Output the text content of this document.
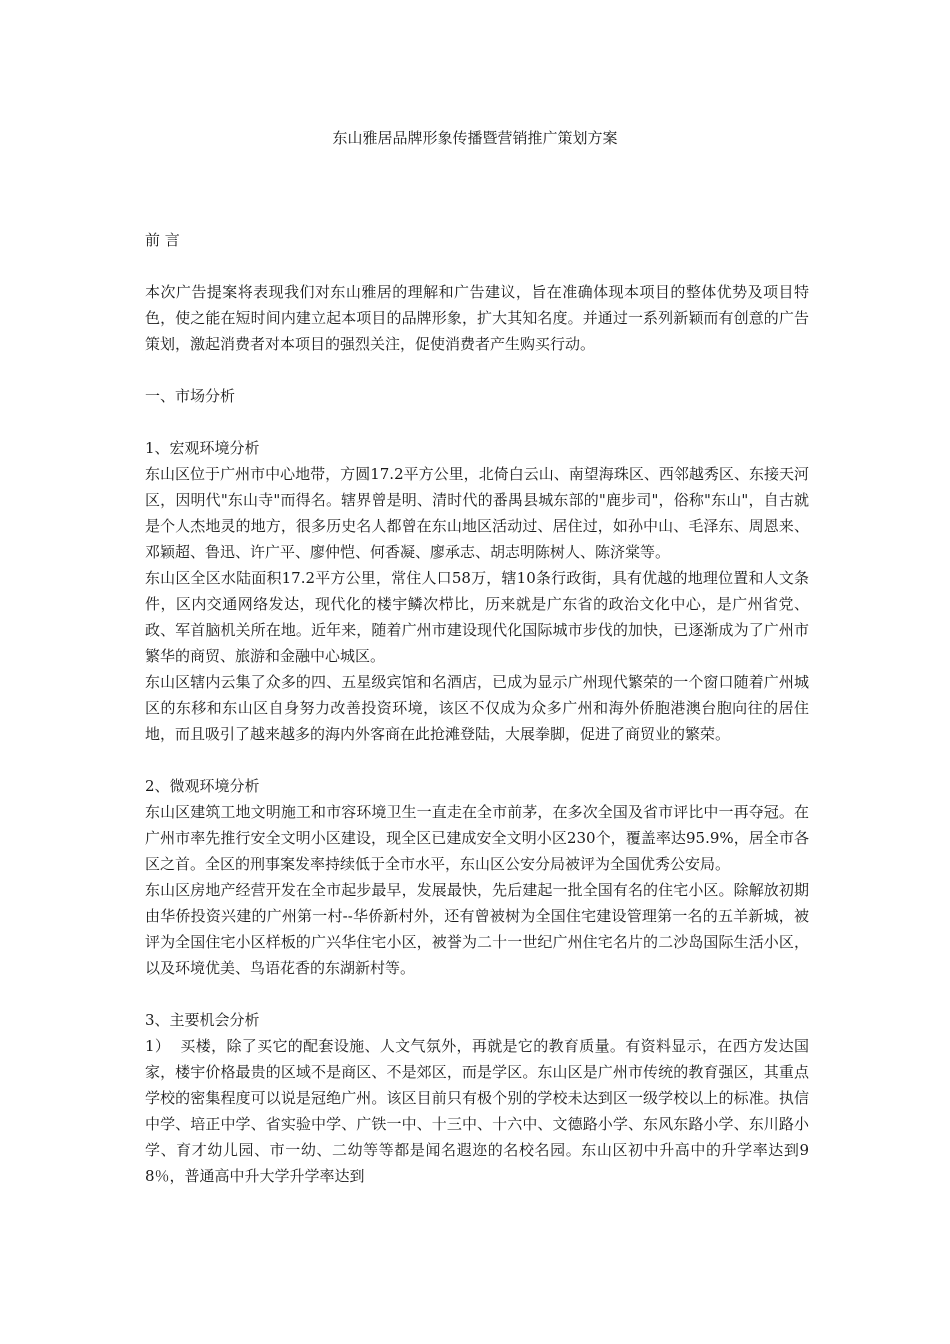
东山雅居品牌形象传播暨营销推广策划方案

前 言

本次广告提案将表现我们对东山雅居的理解和广告建议，旨在准确体现本项目的整体优势及项目特色，使之能在短时间内建立起本项目的品牌形象，扩大其知名度。并通过一系列新颖而有创意的广告策划，激起消费者对本项目的强烈关注，促使消费者产生购买行动。

一、市场分析

1、宏观环境分析

东山区位于广州市中心地带，方圆17.2平方公里，北倚白云山、南望海珠区、西邻越秀区、东接天河区，因明代"东山寺"而得名。辖界曾是明、清时代的番禺县城东部的"鹿步司"，俗称"东山"，自古就是个人杰地灵的地方，很多历史名人都曾在东山地区活动过、居住过，如孙中山、毛泽东、周恩来、邓颖超、鲁迅、许广平、廖仲恺、何香凝、廖承志、胡志明陈树人、陈济棠等。

东山区全区水陆面积17.2平方公里，常住人口58万，辖10条行政街，具有优越的地理位置和人文条件，区内交通网络发达，现代化的楼宇鳞次栉比，历来就是广东省的政治文化中心，是广州省党、政、军首脑机关所在地。近年来，随着广州市建设现代化国际城市步伐的加快，已逐渐成为了广州市繁华的商贸、旅游和金融中心城区。

东山区辖内云集了众多的四、五星级宾馆和名酒店，已成为显示广州现代繁荣的一个窗口随着广州城区的东移和东山区自身努力改善投资环境，该区不仅成为众多广州和海外侨胞港澳台胞向往的居住地，而且吸引了越来越多的海内外客商在此抢滩登陆，大展拳脚，促进了商贸业的繁荣。

2、微观环境分析

东山区建筑工地文明施工和市容环境卫生一直走在全市前茅，在多次全国及省市评比中一再夺冠。在广州市率先推行安全文明小区建设，现全区已建成安全文明小区230个，覆盖率达95.9%，居全市各区之首。全区的刑事案发率持续低于全市水平，东山区公安分局被评为全国优秀公安局。

东山区房地产经营开发在全市起步最早，发展最快，先后建起一批全国有名的住宅小区。除解放初期由华侨投资兴建的广州第一村--华侨新村外，还有曾被树为全国住宅建设管理第一名的五羊新城，被评为全国住宅小区样板的广兴华住宅小区，被誉为二十一世纪广州住宅名片的二沙岛国际生活小区，以及环境优美、鸟语花香的东湖新村等。

3、主要机会分析

1）  买楼，除了买它的配套设施、人文气氛外，再就是它的教育质量。有资料显示，在西方发达国家，楼宇价格最贵的区域不是商区、不是郊区，而是学区。东山区是广州市传统的教育强区，其重点学校的密集程度可以说是冠绝广州。该区目前只有极个别的学校未达到区一级学校以上的标准。执信中学、培正中学、省实验中学、广铁一中、十三中、十六中、文德路小学、东风东路小学、东川路小学、育才幼儿园、市一幼、二幼等等都是闻名遐迩的名校名园。东山区初中升高中的升学率达到98％，普通高中升大学升学率达到
